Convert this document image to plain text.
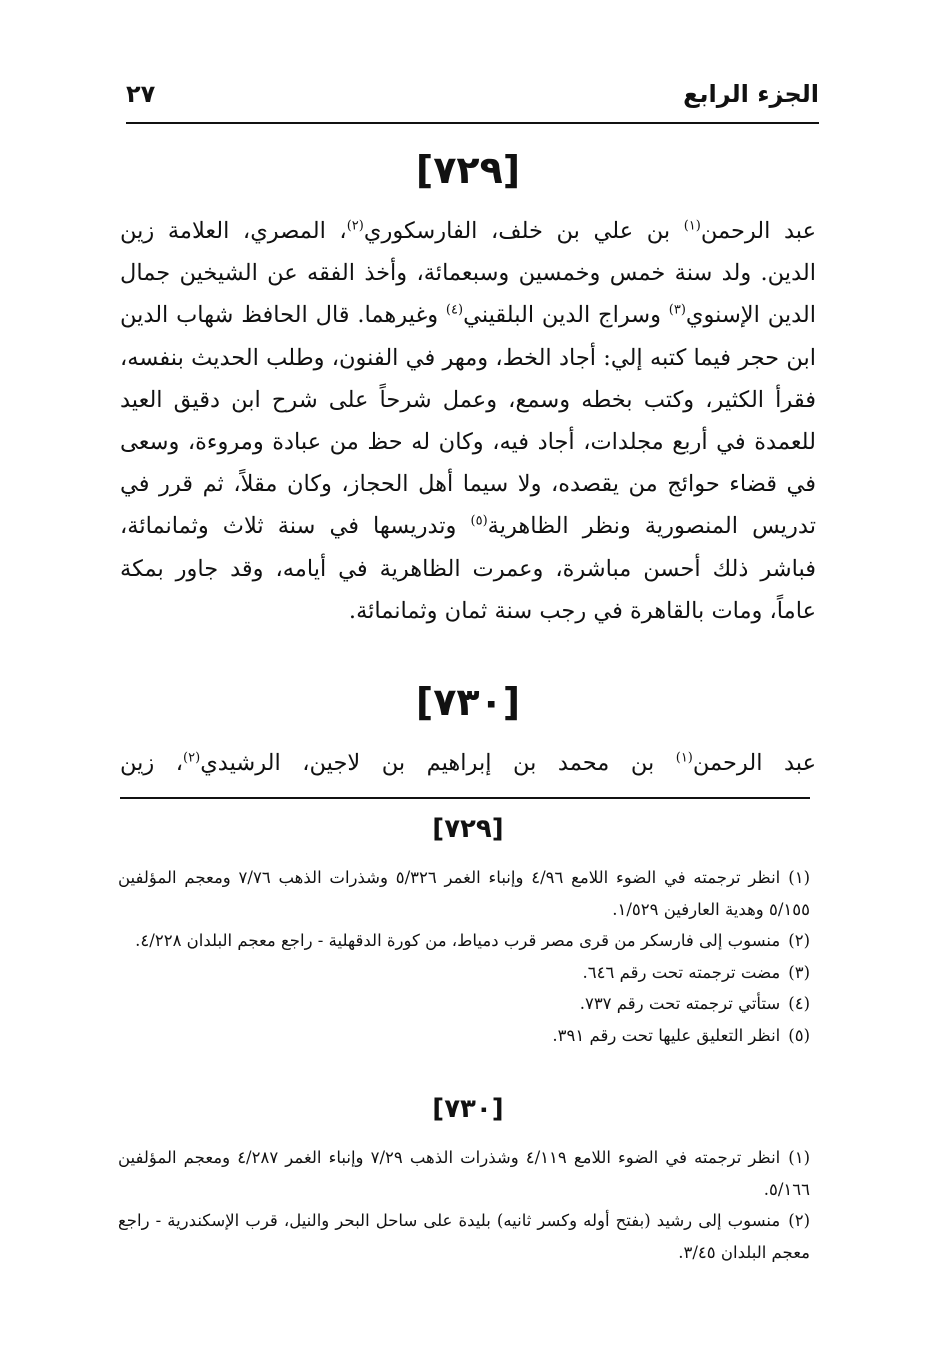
الجزء الرابع
٢٧
[٧٢٩]

عبد الرحمن$^{(١)}$ بن علي بن خلف، الفارسكوري$^{(٢)}$، المصري، العلامة زين الدين. ولد سنة خمس وخمسين وسبعمائة، وأخذ الفقه عن الشيخين جمال الدين الإسنوي$^{(٣)}$ وسراج الدين البلقيني$^{(٤)}$ وغيرهما. قال الحافظ شهاب الدين ابن حجر فيما كتبه إلي: أجاد الخط، ومهر في الفنون، وطلب الحديث بنفسه، فقرأ الكثير، وكتب بخطه وسمع، وعمل شرحاً على شرح ابن دقيق العيد للعمدة في أربع مجلدات، أجاد فيه، وكان له حظ من عبادة ومروءة، وسعى في قضاء حوائج من يقصده، ولا سيما أهل الحجاز، وكان مقلاً، ثم قرر في تدريس المنصورية ونظر الظاهرية$^{(٥)}$ وتدريسها في سنة ثلاث وثمانمائة، فباشر ذلك أحسن مباشرة، وعمرت الظاهرية في أيامه، وقد جاور بمكة عاماً، ومات بالقاهرة في رجب سنة ثمان وثمانمائة.

[٧٣٠]

عبد الرحمن$^{(١)}$ بن محمد بن إبراهيم بن لاجين، الرشيدي$^{(٢)}$، زين

[٧٢٩]

(١)انظر ترجمته في الضوء اللامع ٤/٩٦ وإنباء الغمر ٥/٣٢٦ وشذرات الذهب ٧/٧٦ ومعجم المؤلفين ٥/١٥٥ وهدية العارفين ١/٥٢٩.

(٢)منسوب إلى فارسكر من قرى مصر قرب دمياط، من كورة الدقهلية - راجع معجم البلدان ٤/٢٢٨.

(٣)مضت ترجمته تحت رقم ٦٤٦.

(٤)ستأتي ترجمته تحت رقم ٧٣٧.

(٥)انظر التعليق عليها تحت رقم ٣٩١.

[٧٣٠]

(١)انظر ترجمته في الضوء اللامع ٤/١١٩ وشذرات الذهب ٧/٢٩ وإنباء الغمر ٤/٢٨٧ ومعجم المؤلفين ٥/١٦٦.

(٢)منسوب إلى رشيد (بفتح أوله وكسر ثانيه) بليدة على ساحل البحر والنيل، قرب الإسكندرية - راجع معجم البلدان ٣/٤٥.
